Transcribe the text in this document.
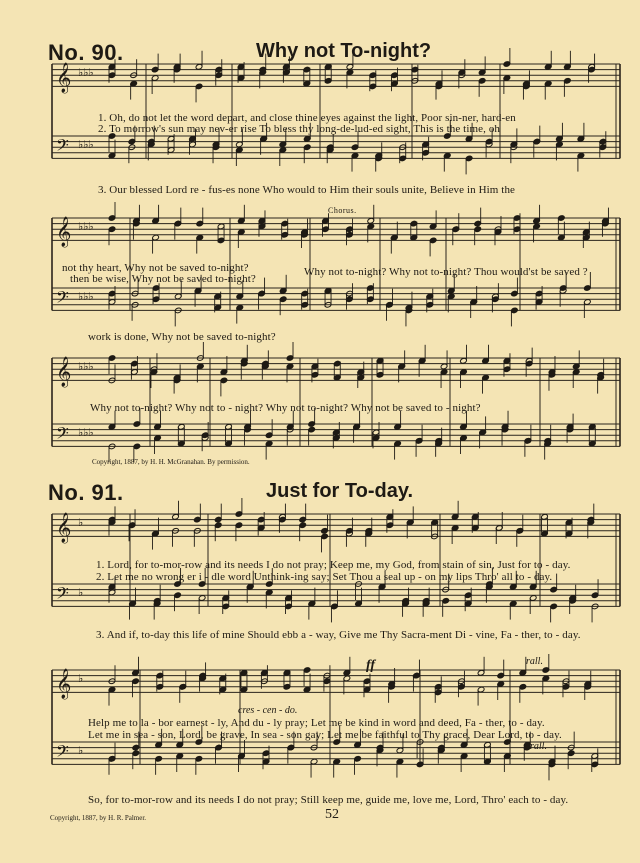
𝄞 ♭♭♭
𝄢 ♭♭♭
𝄞 ♭♭♭
𝄢 ♭♭♭
𝄞 ♭♭♭
𝄢 ♭♭♭
𝄞 ♭
𝄢 ♭
𝄞 ♭
𝄢 ♭
No. 90.	Why not To-night?
1. Oh, do not let the word depart, and close thine eyes against the light, Poor sin-ner, hard-en
2. To morrow's sun may nev-er rise To bless thy long-de-lud-ed sight, This is the time, oh
3. Our blessed Lord re - fus-es none Who would to Him their souls unite, Believe in Him the
Chorus.
not thy heart, Why not be saved to-night?	Why not to-night? Why not to-night? Thou would'st be saved ?
then be wise, Why not be saved to-night?
work is done, Why not be saved to-night?
Why not to-night? Why not to - night? Why not to-night? Why not be saved to - night?
Copyright, 1887, by H. H. McGranahan. By permission.
No. 91.	Just for To-day.
1. Lord, for to-mor-row and its needs I do not pray; Keep me, my God, from stain of sin, Just for to - day.
2. Let me no wrong er i - dle word Unthink-ing say; Set Thou a seal up - on my lips Thro' all to - day.
3. And if, to-day this life of mine Should ebb a - way, Give me Thy Sacra-ment Di - vine, Fa - ther, to - day.
ff	rall.
cres - cen - do.
Help me to la - bor earnest - ly, And du - ly pray; Let me be kind in word and deed, Fa - ther, to - day.
Let me in sea - son, Lord, be grave, In sea - son gay; Let me be faithful to Thy grace, Dear Lord, to - day.
rall.
So, for to-mor-row and its needs I do not pray; Still keep me, guide me, love me, Lord, Thro' each to - day.
Copyright, 1887, by H. R. Palmer.	52
